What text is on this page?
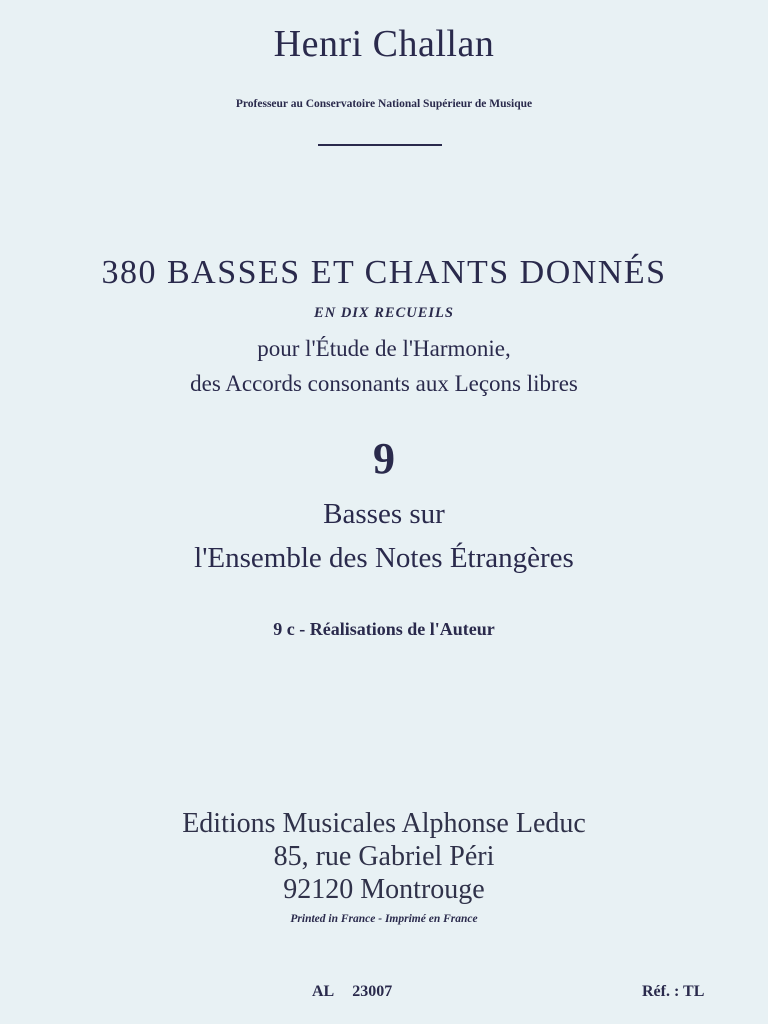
Henri Challan
Professeur au Conservatoire National Supérieur de Musique
380 BASSES ET CHANTS DONNÉS
EN DIX RECUEILS
pour l'Étude de l'Harmonie,
des Accords consonants aux Leçons libres
9
Basses sur
l'Ensemble des Notes Étrangères
9 c - Réalisations de l'Auteur
Editions Musicales Alphonse Leduc
85, rue Gabriel Péri
92120 Montrouge
Printed in France - Imprimé en France
AL 23007	Réf. : TL
